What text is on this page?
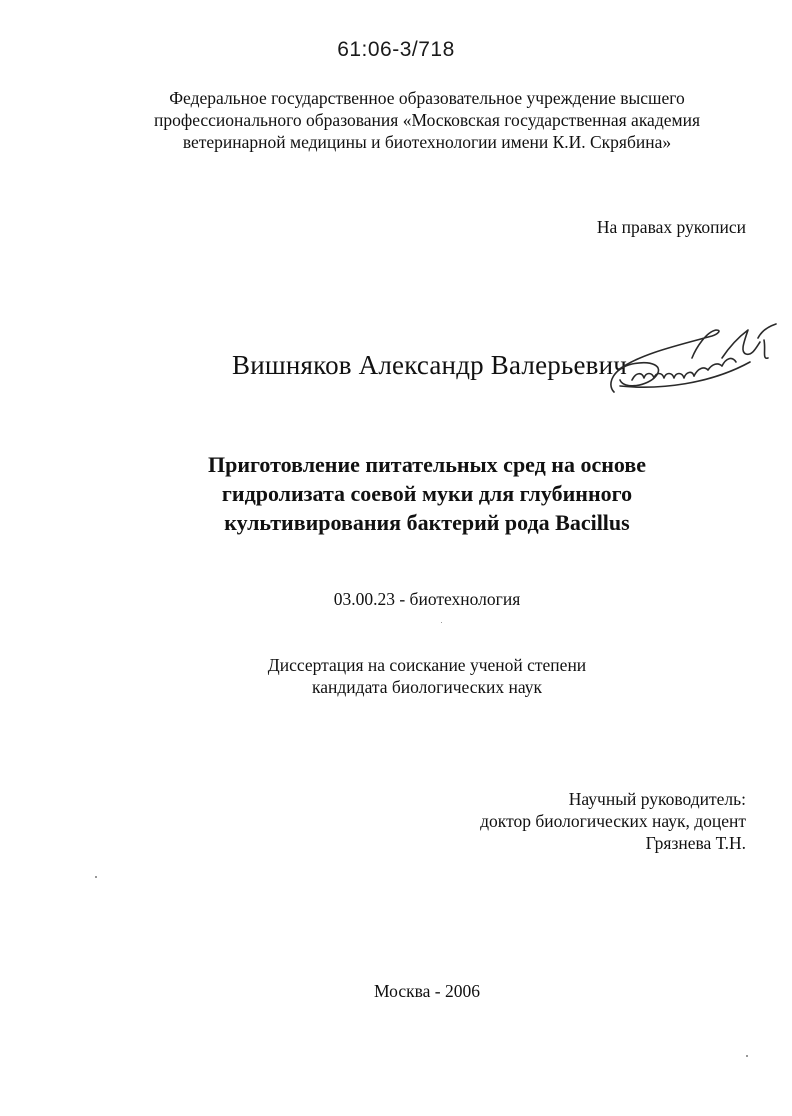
61:06-3/718
Федеральное государственное образовательное учреждение высшего
профессионального образования «Московская государственная академия
ветеринарной медицины и биотехнологии имени К.И. Скрябина»
На правах рукописи
Вишняков Александр Валерьевич
Приготовление питательных сред на основе
гидролизата соевой муки для глубинного
культивирования бактерий рода Bacillus
03.00.23 - биотехнология
Диссертация на соискание ученой степени
кандидата биологических наук
Научный руководитель:
доктор биологических наук, доцент
Грязнева Т.Н.
Москва - 2006
